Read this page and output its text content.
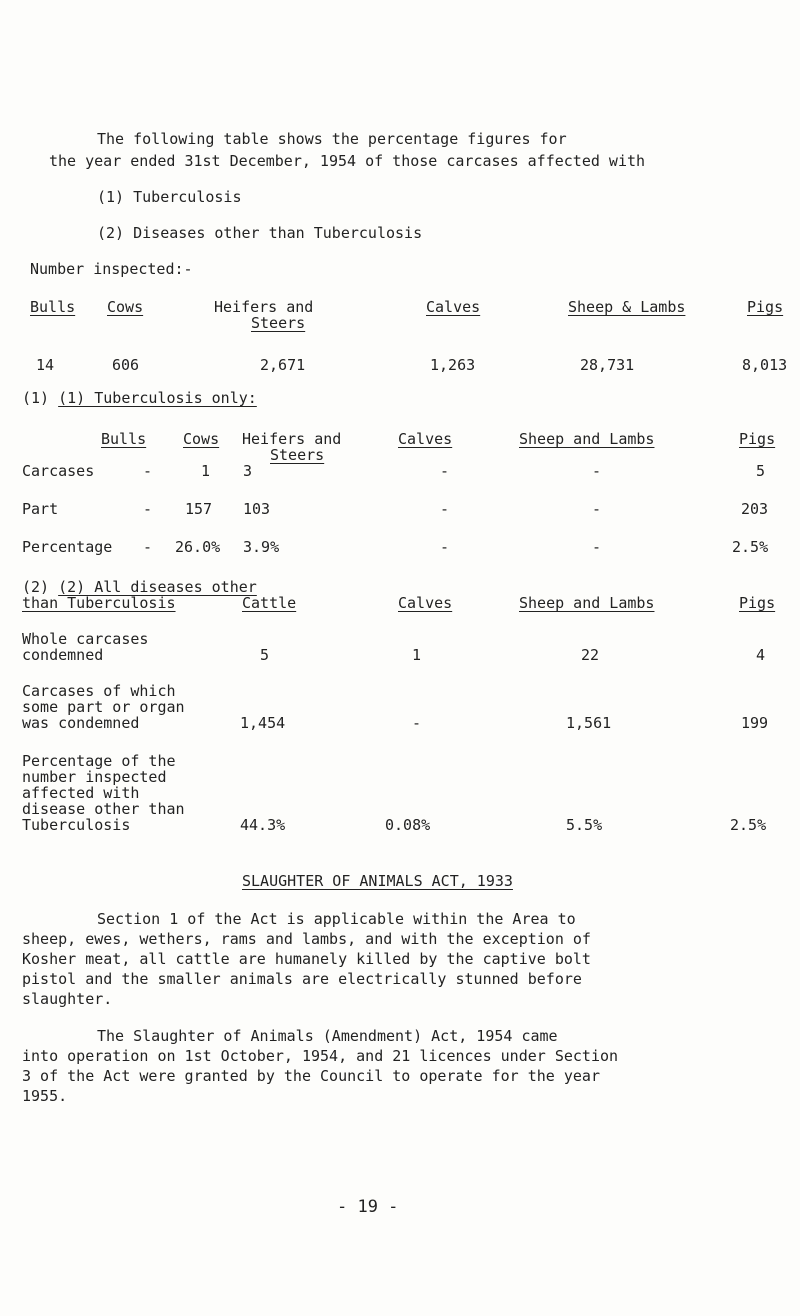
The following table shows the percentage figures for
the year ended 31st December, 1954 of those carcases affected with
(1) Tuberculosis
(2) Diseases other than Tuberculosis
Number inspected:-
Bulls Cows	Heifers and
Steers
Calves	Sheep & Lambs	Pigs
14	606	2,671	1,263	28,731	8,013
(1) (1) Tuberculosis only:
Bulls Cows Heifers and
Steers
Calves	Sheep and Lambs	Pigs
Carcases	-	1 3	-	-	5
Part	- 157 103	-	-	203
Percentage - 26.0% 3.9%	-	-	2.5%
(2) (2) All diseases other
than Tuberculosis	Cattle	Calves	Sheep and Lambs	Pigs
Whole carcases
condemned	5	1	22	4
Carcases of which
some part or organ
was condemned	1,454	-	1,561	199
Percentage of the
number inspected
affected with
disease other than
Tuberculosis	44.3%	0.08%	5.5%	2.5%
SLAUGHTER OF ANIMALS ACT, 1933
Section 1 of the Act is applicable within the Area to
sheep, ewes, wethers, rams and lambs, and with the exception of
Kosher meat, all cattle are humanely killed by the captive bolt
pistol and the smaller animals are electrically stunned before
slaughter.
The Slaughter of Animals (Amendment) Act, 1954 came
into operation on 1st October, 1954, and 21 licences under Section
3 of the Act were granted by the Council to operate for the year
1955.
- 19 -
